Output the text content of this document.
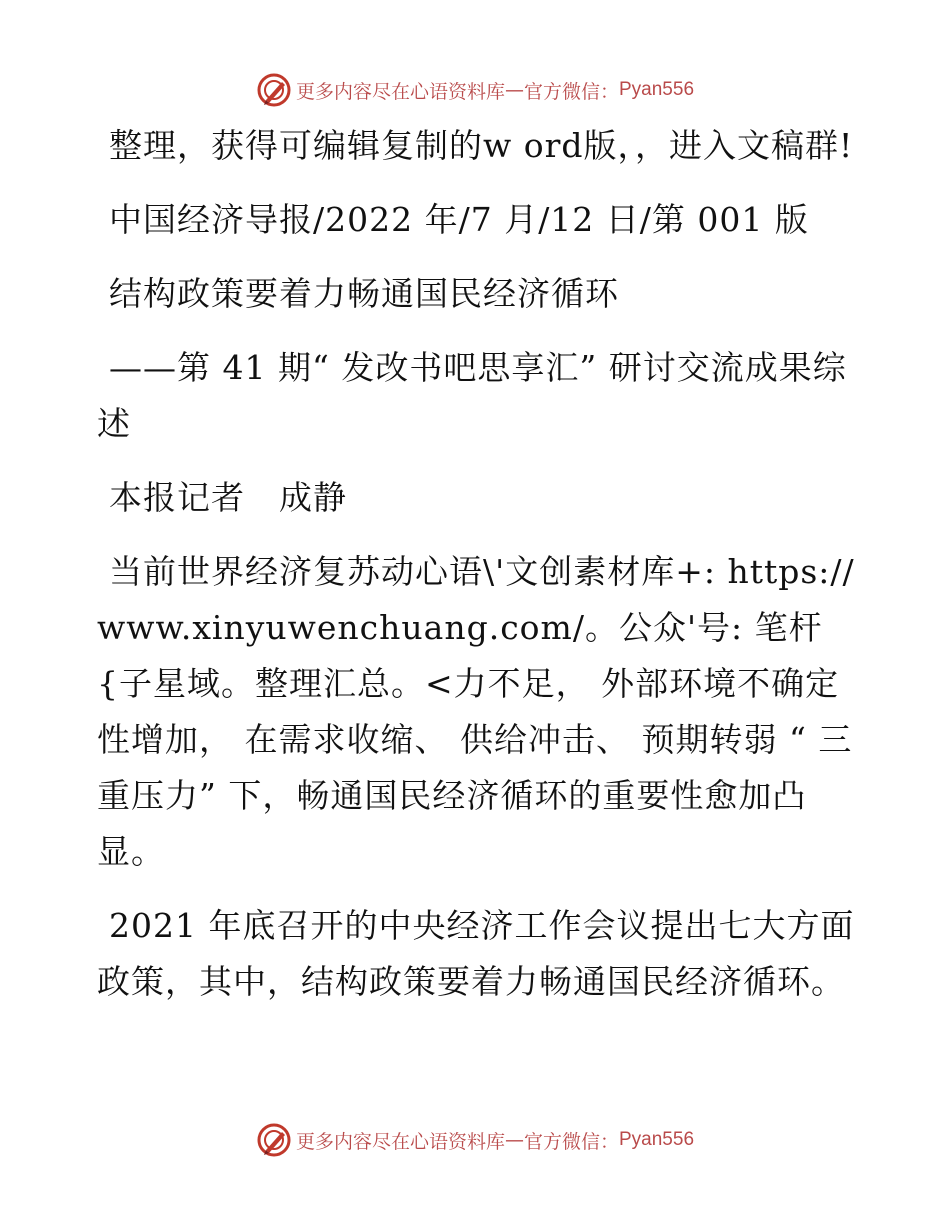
更多内容尽在心语资料库 — 官方微信： Pyan556

整理，获得可编辑复制的w ord版，，进入文稿群!

中国经济导报/2022 年/7 月/12 日/第 001 版

结构政策要着力畅通国民经济循环

——第 41 期“ 发改书吧思享汇” 研讨交流成果综述

本报记者　成静

当前世界经济复苏动心语\'文创素材库+: https://www.xinyuwenchuang.com/。公众'号: 笔杆{子星域。整理汇总。<力不足， 外部环境不确定性增加， 在需求收缩、 供给冲击、 预期转弱 “ 三重压力” 下，畅通国民经济循环的重要性愈加凸显。

2021 年底召开的中央经济工作会议提出七大方面政策，其中，结构政策要着力畅通国民经济循环。

更多内容尽在心语资料库 — 官方微信： Pyan556
